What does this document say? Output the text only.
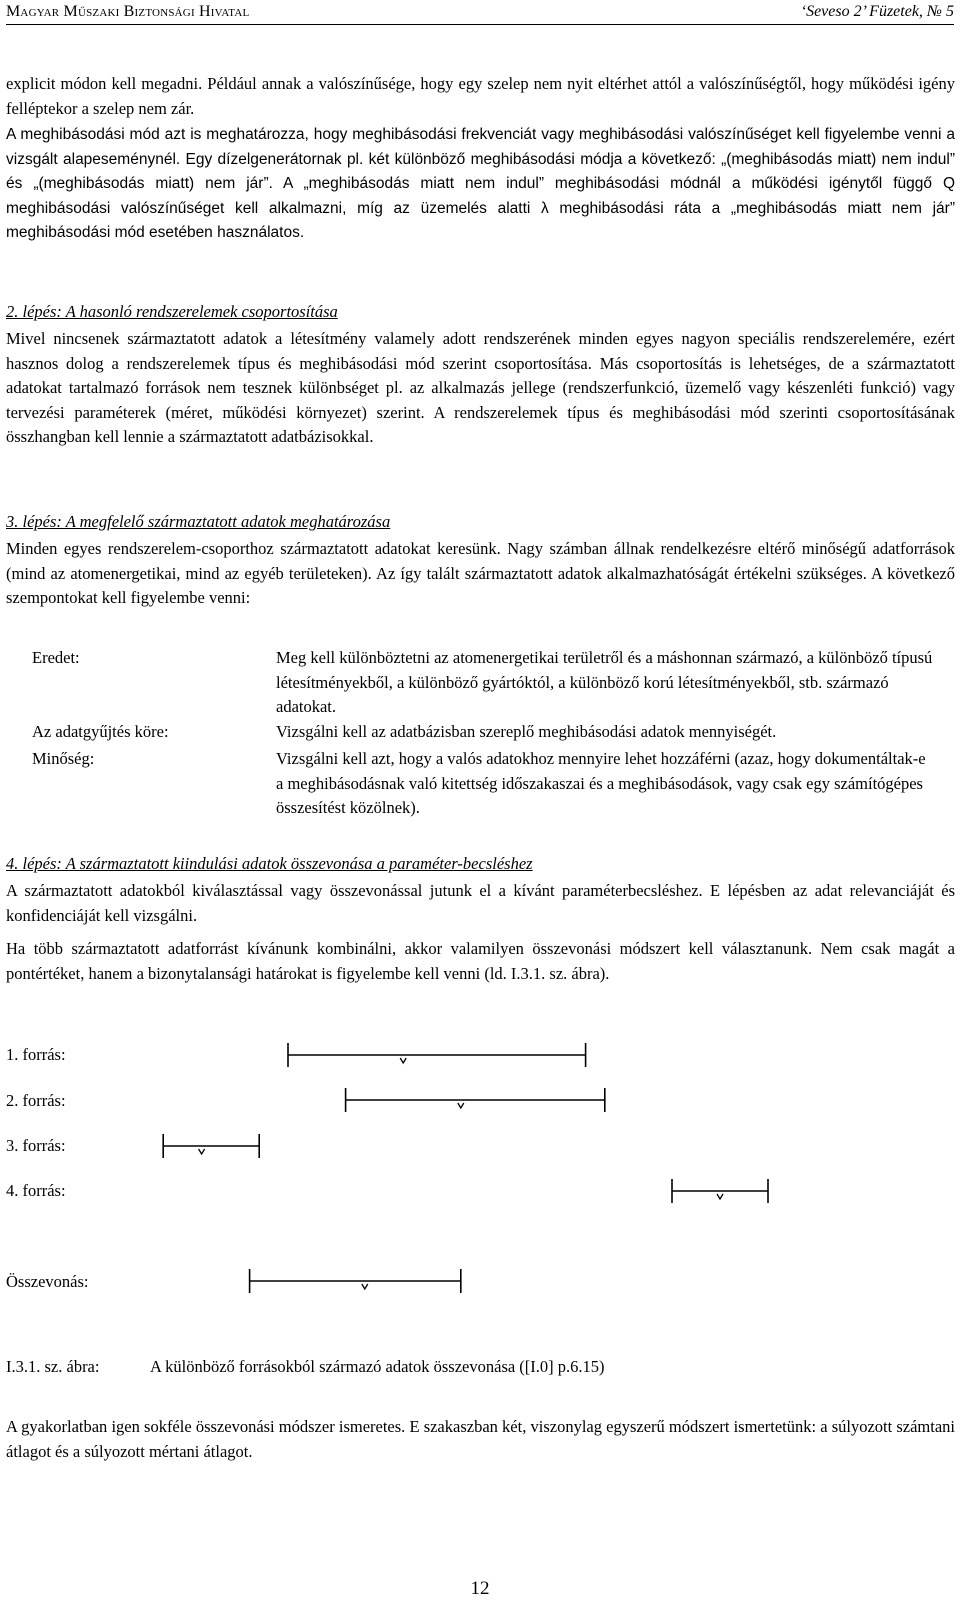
Magyar Műszaki Biztonsági Hivatal	‘Seveso 2’ Füzetek, № 5

explicit módon kell megadni. Például annak a valószínűsége, hogy egy szelep nem nyit eltérhet attól a valószínűségtől, hogy működési igény felléptekor a szelep nem zár.

A meghibásodási mód azt is meghatározza, hogy meghibásodási frekvenciát vagy meghibásodási valószínűséget kell figyelembe venni a vizsgált alapeseménynél. Egy dízelgenerátornak pl. két különböző meghibásodási módja a következő: „(meghibásodás miatt) nem indul” és „(meghibásodás miatt) nem jár”. A „meghibásodás miatt nem indul” meghibásodási módnál a működési igénytől függő Q meghibásodási valószínűséget kell alkalmazni, míg az üzemelés alatti λ meghibásodási ráta a „meghibásodás miatt nem jár” meghibásodási mód esetében használatos.

2. lépés: A hasonló rendszerelemek csoportosítása

Mivel nincsenek származtatott adatok a létesítmény valamely adott rendszerének minden egyes nagyon speciális rendszerelemére, ezért hasznos dolog a rendszerelemek típus és meghibásodási mód szerint csoportosítása. Más csoportosítás is lehetséges, de a származtatott adatokat tartalmazó források nem tesznek különbséget pl. az alkalmazás jellege (rendszerfunkció, üzemelő vagy készenléti funkció) vagy tervezési paraméterek (méret, működési környezet) szerint. A rendszerelemek típus és meghibásodási mód szerinti csoportosításának összhangban kell lennie a származtatott adatbázisokkal.

3. lépés: A megfelelő származtatott adatok meghatározása

Minden egyes rendszerelem-csoporthoz származtatott adatokat keresünk. Nagy számban állnak rendelkezésre eltérő minőségű adatforrások (mind az atomenergetikai, mind az egyéb területeken). Az így talált származtatott adatok alkalmazhatóságát értékelni szükséges. A következő szempontokat kell figyelembe venni:

Eredet:	Meg kell különböztetni az atomenergetikai területről és a máshonnan származó, a különböző típusú létesítményekből, a különböző gyártóktól, a különböző korú létesítményekből, stb. származó adatokat.
Az adatgyűjtés köre:	Vizsgálni kell az adatbázisban szereplő meghibásodási adatok mennyiségét.
Minőség:	Vizsgálni kell azt, hogy a valós adatokhoz mennyire lehet hozzáférni (azaz, hogy dokumentáltak-e a meghibásodásnak való kitettség időszakaszai és a meghibásodások, vagy csak egy számítógépes összesítést közölnek).

4. lépés: A származtatott kiindulási adatok összevonása a paraméter-becsléshez

A származtatott adatokból kiválasztással vagy összevonással jutunk el a kívánt paraméterbecsléshez. E lépésben az adat relevanciáját és konfidenciáját kell vizsgálni.

Ha több származtatott adatforrást kívánunk kombinálni, akkor valamilyen összevonási módszert kell választanunk. Nem csak magát a pontértéket, hanem a bizonytalansági határokat is figyelembe kell venni (ld. I.3.1. sz. ábra).

1. forrás:
2. forrás:
3. forrás:
4. forrás:
Összevonás:
I.3.1. sz. ábra:	A különböző forrásokból származó adatok összevonása ([I.0] p.6.15)

A gyakorlatban igen sokféle összevonási módszer ismeretes. E szakaszban két, viszonylag egyszerű módszert ismertetünk: a súlyozott számtani átlagot és a súlyozott mértani átlagot.

12
